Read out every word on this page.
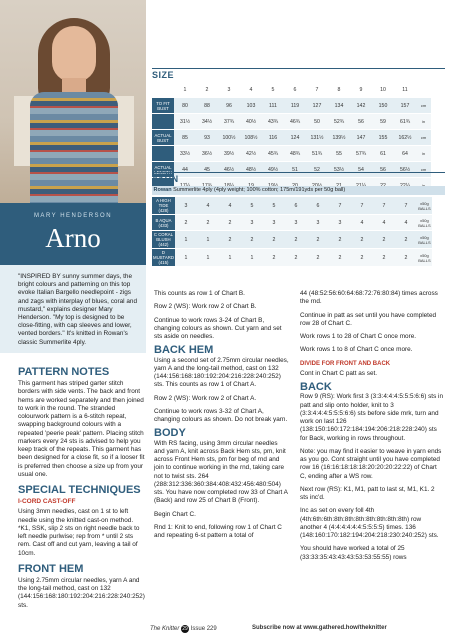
MARY HENDERSON
Arno

"INSPIRED BY sunny summer days, the bright colours and patterning on this top evoke Italian Bargello needlepoint - zigs and zags with interplay of blues, coral and mustard," explains designer Mary Henderson. "My top is designed to be close-fitting, with cap sleeves and lower, vented borders." It's knitted in Rowan's classic Summerlite 4ply.

SIZE
	1	2	3	4	5	6	7	8	9	10	11	
TO FIT BUST	80	88	96	103	111	119	127	134	142	150	157	cm
	31½	34½	37¾	40½	43¾	46¾	50	52¾	56	59	61¾	in
ACTUAL BUST	85	93	100½	108½	116	124	131½	139½	147	155	162½	cm
	33½	36½	39½	42½	45¾	48¾	51¾	55	57¾	61	64	in
ACTUAL	44	45	46½	48½	49½	51	52	53½	54	56	56½	cm

YARN
Rowan Summerlite 4ply (4ply weight; 100% cotton; 175m/191yds per 50g ball)
A HIGH TIDE (428)	3	4	4	5	5	6	6	7	7	7	7	x50g BALLS
B AQUA (433)	2	2	2	3	3	3	3	3	4	4	4	x50g BALLS
C CORAL BLUSH (442)	1	1	2	2	2	2	2	2	2	2	2	x50g BALLS
D MUSTARD (415)	1	1	1	1	2	2	2	2	2	2	2	x50g BALLS
PATTERN NOTES

This garment has striped garter stitch borders with side vents. The back and front hems are worked separately and then joined to work in the round. The stranded colourwork pattern is a 6-stitch repeat, swapping background colours with a repeated 'peerie peak' pattern. Placing stitch markers every 24 sts is advised to help you keep track of the repeats. This garment has been designed for a close fit, so if a looser fit is preferred then choose a size up from your usual one.

SPECIAL TECHNIQUES
I-CORD CAST-OFF

Using 3mm needles, cast on 1 st to left needle using the knitted cast-on method. *K1, SSK, slip 2 sts on right needle back to left needle purlwise; rep from * until 2 sts rem. Cast off and cut yarn, leaving a tail of 10cm.

FRONT HEM

Using 2.75mm circular needles, yarn A and the long-tail method, cast on 132 (144:156:168:180:192:204:216:228:240:252) sts.

This counts as row 1 of Chart B.

Row 2 (WS): Work row 2 of Chart B.

Continue to work rows 3-24 of Chart B, changing colours as shown. Cut yarn and set sts aside on needles.

BACK HEM

Using a second set of 2.75mm circular needles, yarn A and the long-tail method, cast on 132 (144:156:168:180:192:204:216:228:240:252) sts. This counts as row 1 of Chart A.

Row 2 (WS): Work row 2 of Chart A.

Continue to work rows 3-32 of Chart A, changing colours as shown. Do not break yarn.

BODY

With RS facing, using 3mm circular needles and yarn A, knit across Back Hem sts, pm, knit across Front Hem sts, pm for beg of rnd and join to continue working in the rnd, taking care not to twist sts. 264 (288:312:336:360:384:408:432:456:480:504) sts. You have now completed row 33 of Chart A (Back) and row 25 of Chart B (Front).

Begin Chart C.

Rnd 1: Knit to end, following row 1 of Chart C and repeating 6-st pattern a total of

44 (48:52:56:60:64:68:72:76:80:84) times across the rnd.

Continue in patt as set until you have completed row 28 of Chart C.

Work rows 1 to 28 of Chart C once more.

Work rows 1 to 8 of Chart C once more.

DIVIDE FOR FRONT AND BACK

Cont in Chart C patt as set.

BACK

Row 9 (RS): Work first 3 (3:3:4:4:4:5:5:5:6:6) sts in patt and slip onto holder, knit to 3 (3:3:4:4:4:5:5:5:6:6) sts before side mrk, turn and work on last 126 (138:150:160:172:184:194:206:218:228:240) sts for Back, working in rows throughout.

Note: you may find it easier to weave in yarn ends as you go. Cont straight until you have completed row 16 (16:16:18:18:18:20:20:20:22:22) of Chart C, ending after a WS row.

Next row (RS): K1, M1, patt to last st, M1, K1. 2 sts inc'd.

Inc as set on every foll 4th (4th:6th:6th:8th:8th:8th:8th:8th:8th:8th) row another 4 (4:4:4:4:4:4:5:5:5:5) times. 136 (148:160:170:182:194:204:218:230:240:252) sts.

You should have worked a total of 25 (33:33:35:43:43:43:53:53:55:55) rows

The Knitter 29 Issue 229	Subscribe now at www.gathered.how/theknitter
